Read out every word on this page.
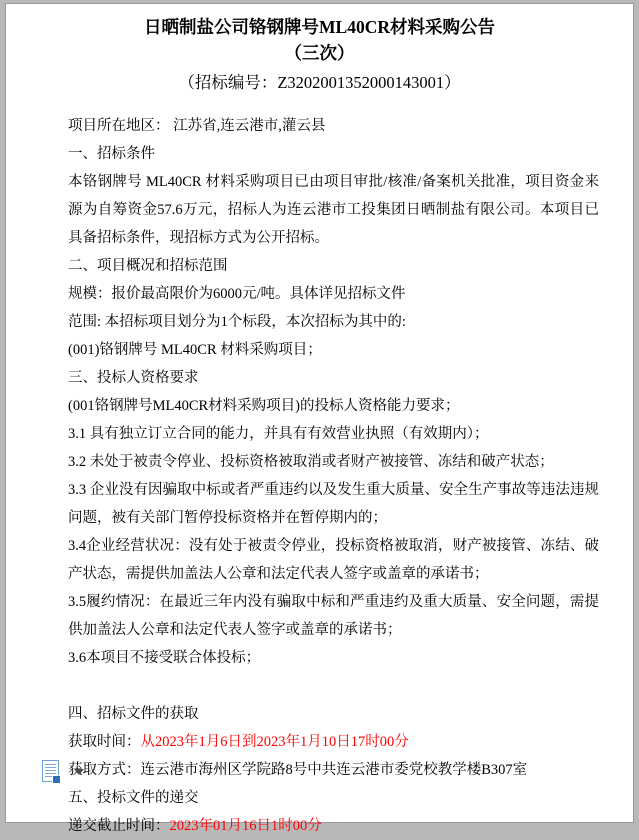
日晒制盐公司铬钢牌号ML40CR材料采购公告
（三次）
（招标编号：Z3202001352000143001）

项目所在地区： 江苏省,连云港市,灌云县

一、招标条件

本铬钢牌号 ML40CR 材料采购项目已由项目审批/核准/备案机关批准，项目资金来源为自筹资金57.6万元，招标人为连云港市工投集团日晒制盐有限公司。本项目已具备招标条件，现招标方式为公开招标。

二、项目概况和招标范围

规模：报价最高限价为6000元/吨。具体详见招标文件

范围: 本招标项目划分为1个标段，本次招标为其中的:

(001)铬钢牌号 ML40CR 材料采购项目；

三、投标人资格要求

(001铬钢牌号ML40CR材料采购项目)的投标人资格能力要求；

3.1 具有独立订立合同的能力，并具有有效营业执照（有效期内）；

3.2 未处于被责令停业、投标资格被取消或者财产被接管、冻结和破产状态；

3.3 企业没有因骗取中标或者严重违约以及发生重大质量、安全生产事故等违法违规问题，被有关部门暂停投标资格并在暂停期内的；

3.4企业经营状况：没有处于被责令停业，投标资格被取消，财产被接管、冻结、破产状态，需提供加盖法人公章和法定代表人签字或盖章的承诺书；

3.5履约情况：在最近三年内没有骗取中标和严重违约及重大质量、安全问题，需提供加盖法人公章和法定代表人签字或盖章的承诺书；

3.6本项目不接受联合体投标；

四、招标文件的获取

获取时间：从2023年1月6日到2023年1月10日17时00分

获取方式：连云港市海州区学院路8号中共连云港市委党校教学楼B307室

五、投标文件的递交

递交截止时间：2023年01月16日1时00分
